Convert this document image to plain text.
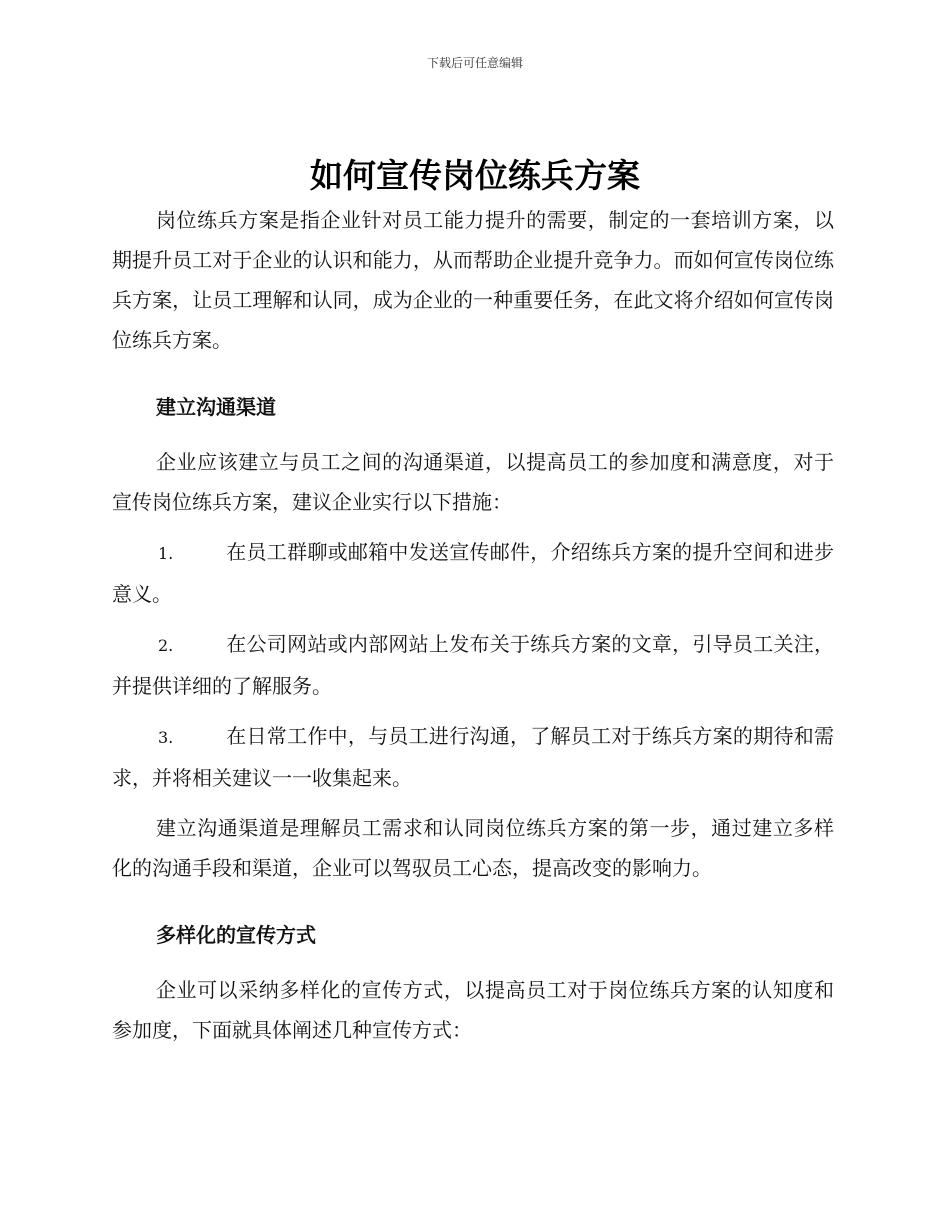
下载后可任意编辑
如何宣传岗位练兵方案

岗位练兵方案是指企业针对员工能力提升的需要，制定的一套培训方案，以期提升员工对于企业的认识和能力，从而帮助企业提升竞争力。而如何宣传岗位练兵方案，让员工理解和认同，成为企业的一种重要任务，在此文将介绍如何宣传岗位练兵方案。

建立沟通渠道

企业应该建立与员工之间的沟通渠道，以提高员工的参加度和满意度，对于宣传岗位练兵方案，建议企业实行以下措施：

1.	在员工群聊或邮箱中发送宣传邮件，介绍练兵方案的提升空间和进步意义。
2.	在公司网站或内部网站上发布关于练兵方案的文章，引导员工关注，并提供详细的了解服务。
3.	在日常工作中，与员工进行沟通，了解员工对于练兵方案的期待和需求，并将相关建议一一收集起来。

建立沟通渠道是理解员工需求和认同岗位练兵方案的第一步，通过建立多样化的沟通手段和渠道，企业可以驾驭员工心态，提高改变的影响力。

多样化的宣传方式

企业可以采纳多样化的宣传方式，以提高员工对于岗位练兵方案的认知度和参加度，下面就具体阐述几种宣传方式：
